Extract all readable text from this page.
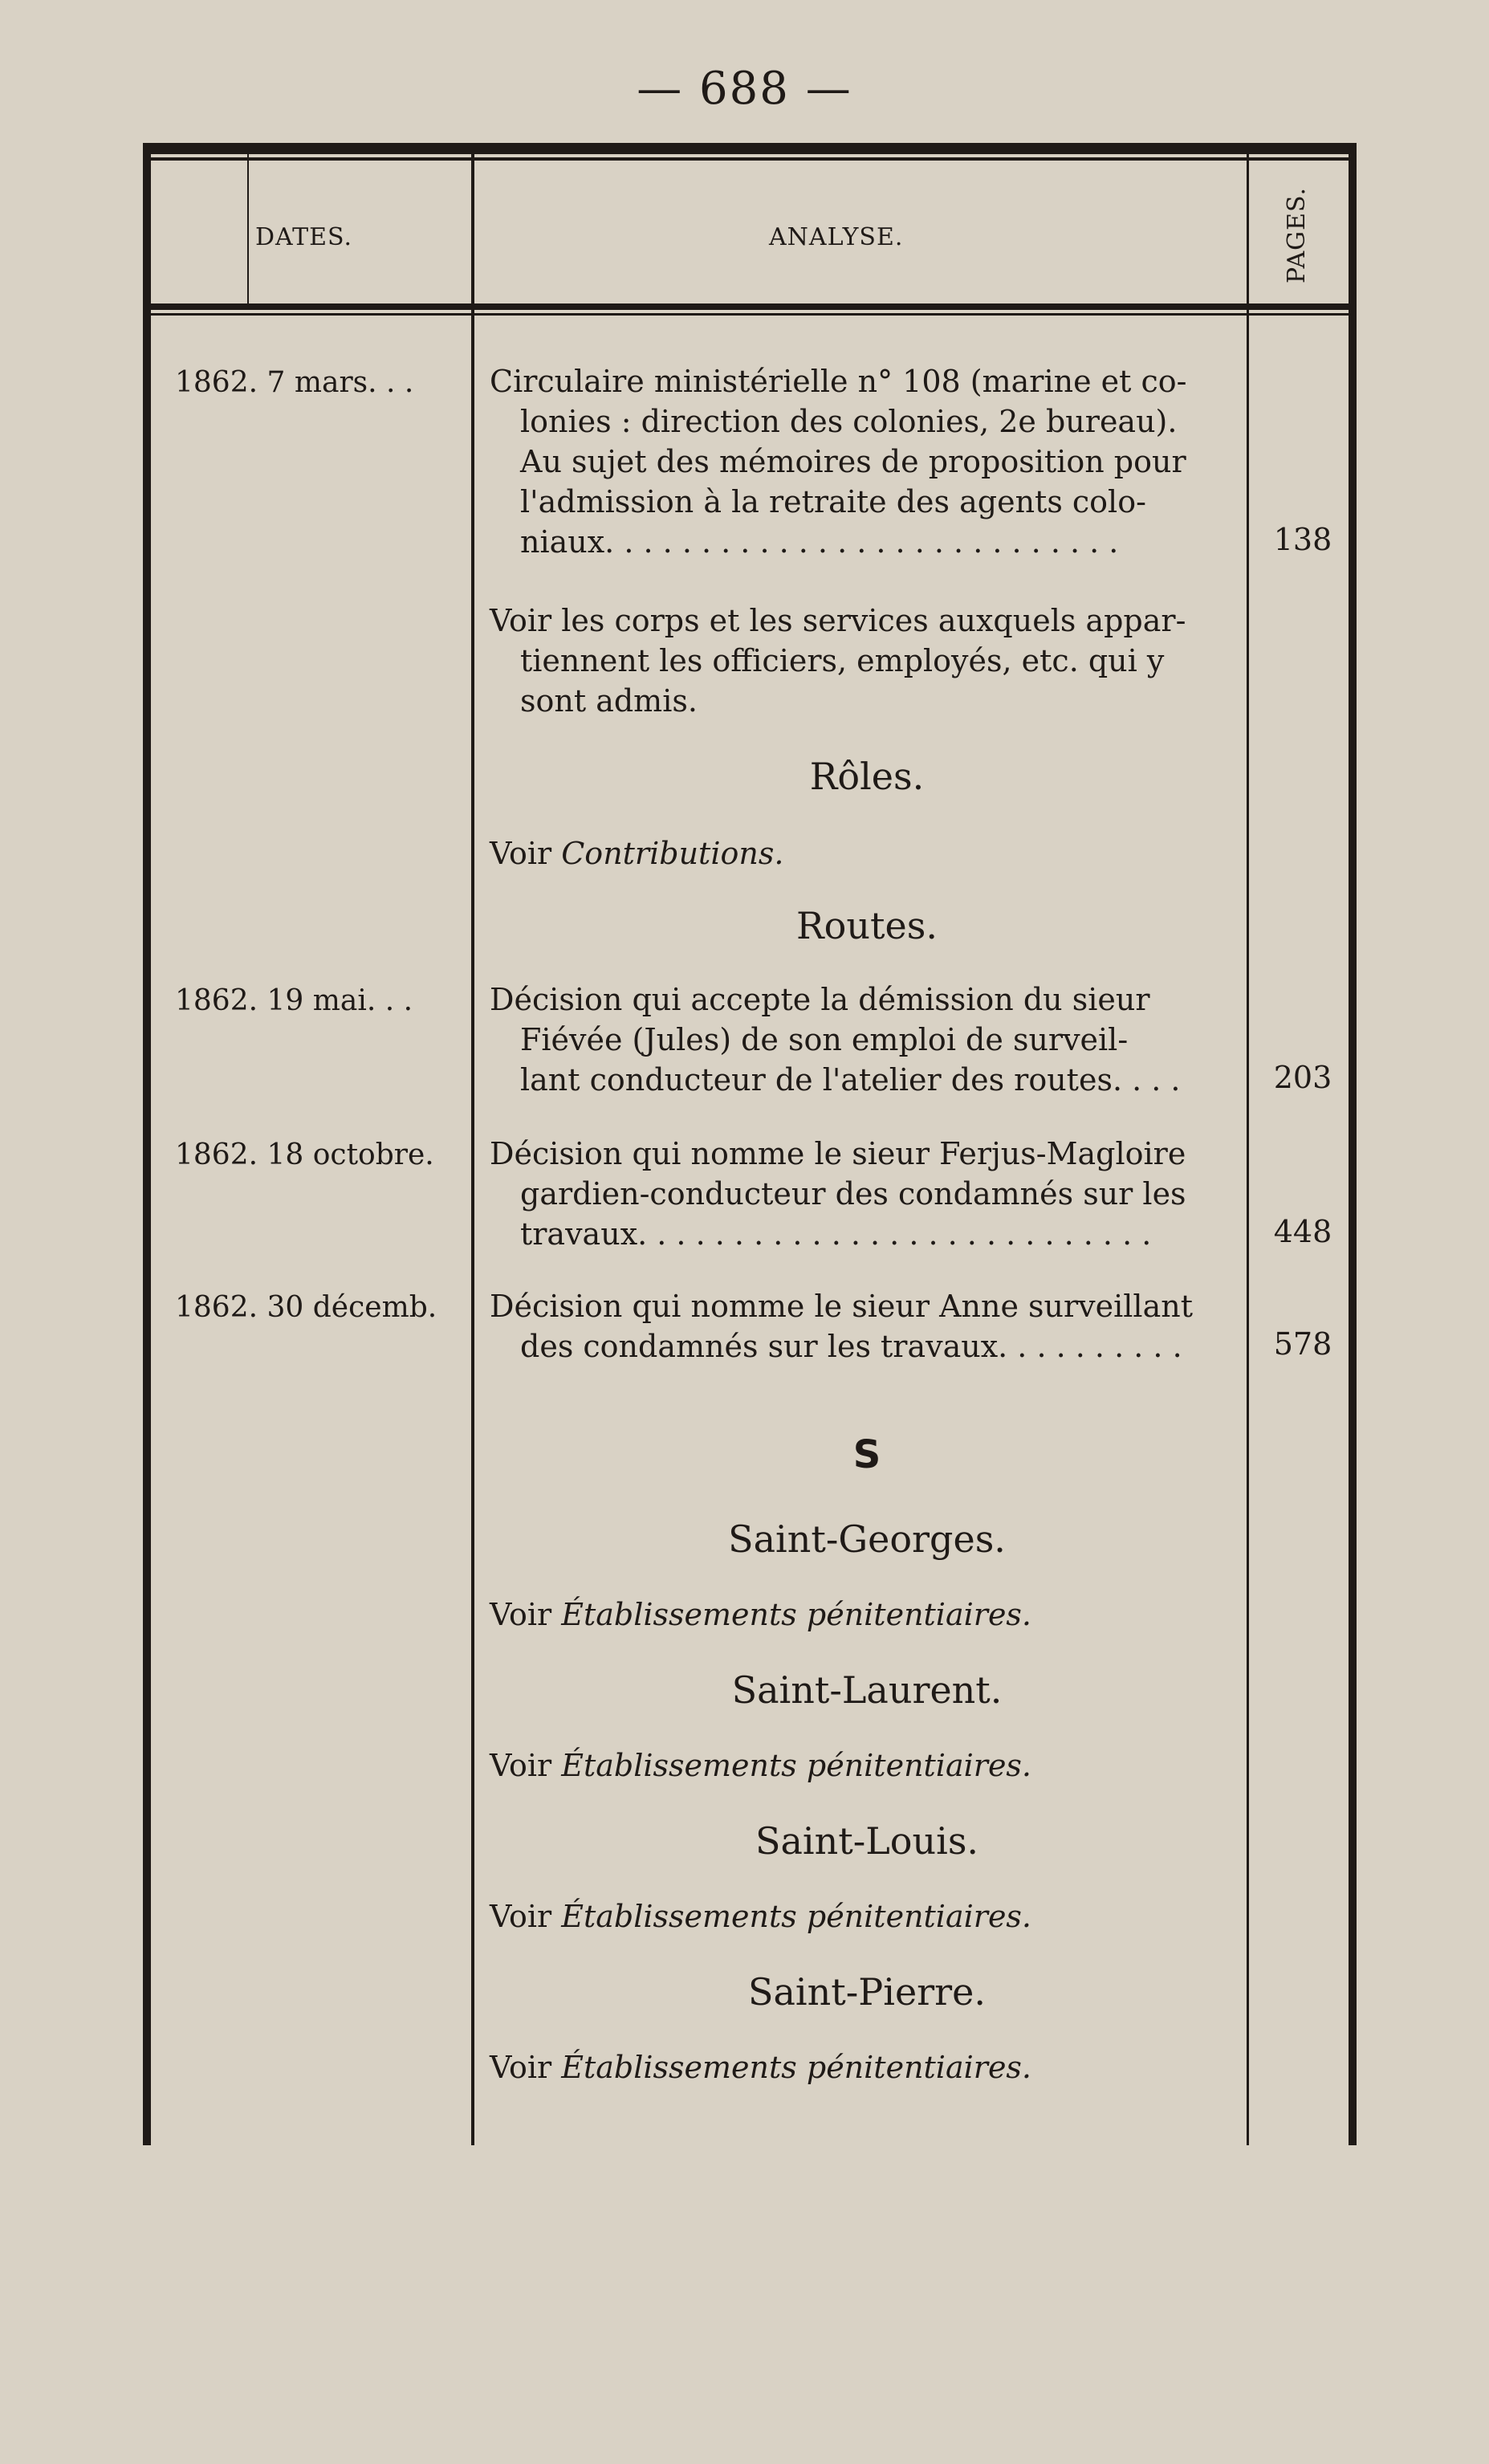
— 688 —
DATES.	ANALYSE.	PAGES.
1862. 7 mars. . . Circulaire ministérielle n° 108 (marine et co-
lonies : direction des colonies, 2e bureau).
Au sujet des mémoires de proposition pour
l'admission à la retraite des agents colo-
niaux. . . . . . . . . . . . . . . . . . . . . . . . . . .	138
Voir les corps et les services auxquels appar-
tiennent les officiers, employés, etc. qui y
sont admis.
Rôles.
Voir Contributions.
Routes.
1862. 19 mai. . .	Décision qui accepte la démission du sieur
Fiévée (Jules) de son emploi de surveil-
lant conducteur de l'atelier des routes. . . .	203
1862. 18 octobre. Décision qui nomme le sieur Ferjus-Magloire
gardien-conducteur des condamnés sur les
travaux. . . . . . . . . . . . . . . . . . . . . . . . . . .	448
1862. 30 décemb. Décision qui nomme le sieur Anne surveillant
des condamnés sur les travaux. . . . . . . . . .	578
S
Saint-Georges.
Voir Établissements pénitentiaires.
Saint-Laurent.
Voir Établissements pénitentiaires.
Saint-Louis.
Voir Établissements pénitentiaires.
Saint-Pierre.
Voir Établissements pénitentiaires.
